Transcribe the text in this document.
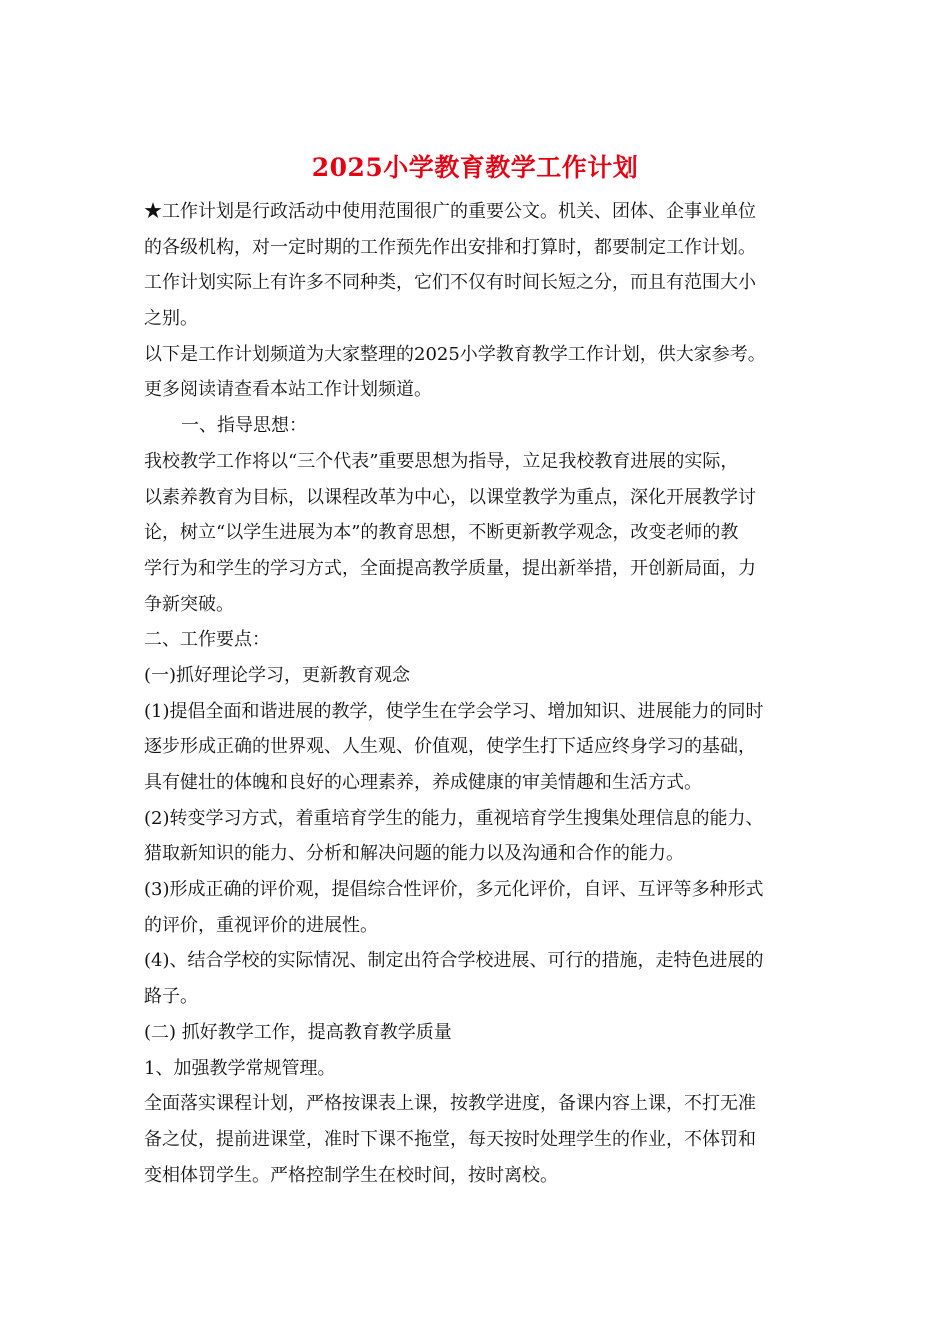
2025小学教育教学工作计划
★工作计划是行政活动中使用范围很广的重要公文。机关、团体、企事业单位
的各级机构，对一定时期的工作预先作出安排和打算时，都要制定工作计划。
工作计划实际上有许多不同种类，它们不仅有时间长短之分，而且有范围大小
之别。
以下是工作计划频道为大家整理的2025小学教育教学工作计划，供大家参考。
更多阅读请查看本站工作计划频道。
一、指导思想：
我校教学工作将以“三个代表”重要思想为指导，立足我校教育进展的实际，
以素养教育为目标，以课程改革为中心，以课堂教学为重点，深化开展教学讨
论，树立“以学生进展为本”的教育思想，不断更新教学观念，改变老师的教
学行为和学生的学习方式，全面提高教学质量，提出新举措，开创新局面，力
争新突破。
二、工作要点：
(一)抓好理论学习，更新教育观念
(1)提倡全面和谐进展的教学，使学生在学会学习、增加知识、进展能力的同时
逐步形成正确的世界观、人生观、价值观，使学生打下适应终身学习的基础，
具有健壮的体魄和良好的心理素养，养成健康的审美情趣和生活方式。
(2)转变学习方式，着重培育学生的能力，重视培育学生搜集处理信息的能力、
猎取新知识的能力、分析和解决问题的能力以及沟通和合作的能力。
(3)形成正确的评价观，提倡综合性评价，多元化评价，自评、互评等多种形式
的评价，重视评价的进展性。
(4)、结合学校的实际情况、制定出符合学校进展、可行的措施，走特色进展的
路子。
(二) 抓好教学工作，提高教育教学质量
1、加强教学常规管理。
全面落实课程计划，严格按课表上课，按教学进度，备课内容上课，不打无准
备之仗，提前进课堂，准时下课不拖堂，每天按时处理学生的作业，不体罚和
变相体罚学生。严格控制学生在校时间，按时离校。
